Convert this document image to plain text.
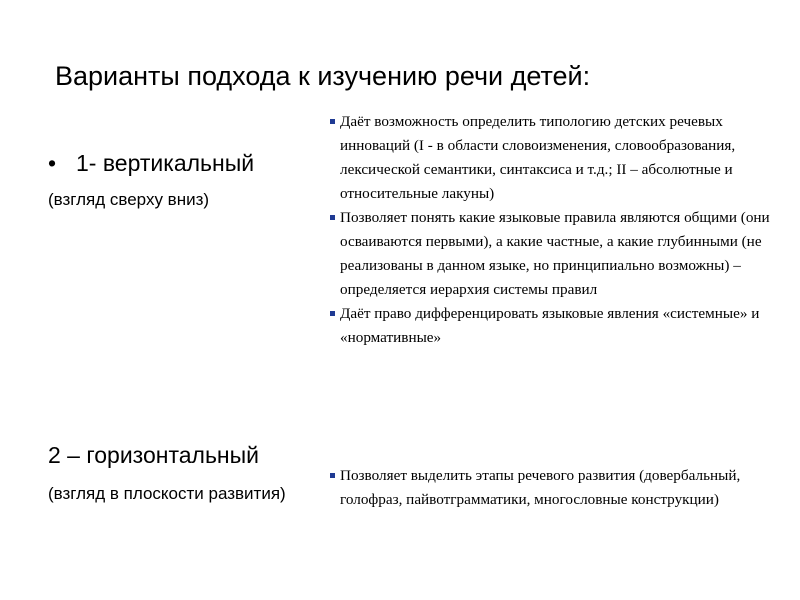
Варианты подхода к изучению речи детей:
• 1- вертикальный
(взгляд сверху вниз)
2 – горизонтальный
(взгляд в плоскости развития)
Даёт возможность определить типологию детских речевых инноваций (I - в области словоизменения, словообразования, лексической семантики, синтаксиса и т.д.; II – абсолютные и относительные лакуны)
Позволяет понять какие языковые правила являются общими (они осваиваются первыми), а какие частные, а какие глубинными (не реализованы в данном языке, но принципиально возможны) – определяется иерархия системы правил
Даёт право дифференцировать языковые явления «системные» и «нормативные»
Позволяет выделить этапы речевого развития (довербальный, голофраз, пайвотграмматики, многословные конструкции)
